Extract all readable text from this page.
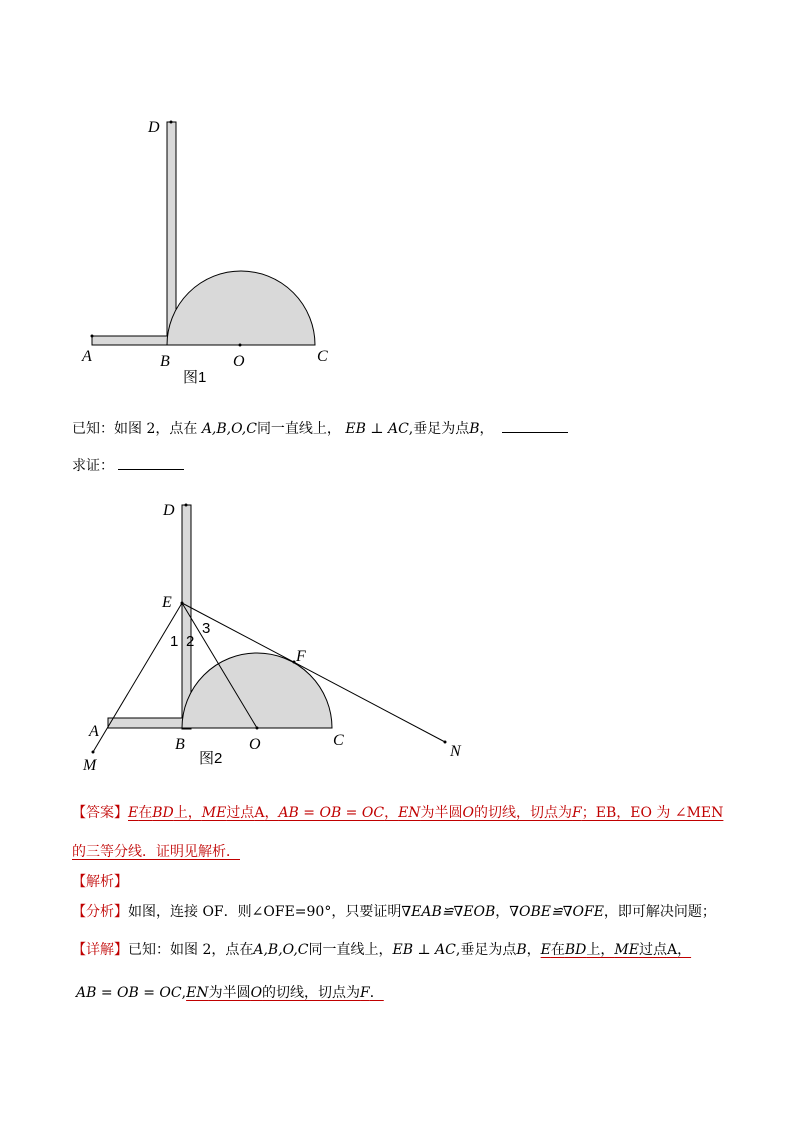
D
A	B	O	C
图1
已知：如图 2，点在 A,B,O,C同一直线上， EB ⊥ AC,垂足为点B，
求证：
D
E
F
A
M
B	O	C
N
1 2
3
图2
【答案】E在BD上，ME过点A，AB = OB = OC，EN为半圆O的切线，切点为F；EB，EO 为 ∠MEN
的三等分线．证明见解析．
【解析】
【分析】如图，连接 OF．则∠OFE=90°，只要证明∇EAB≌∇EOB，∇OBE≌∇OFE，即可解决问题；
【详解】已知：如图 2，点在A,B,O,C同一直线上，EB ⊥ AC,垂足为点B，E在BD上，ME过点A，
AB = OB = OC,EN为半圆O的切线，切点为F．
